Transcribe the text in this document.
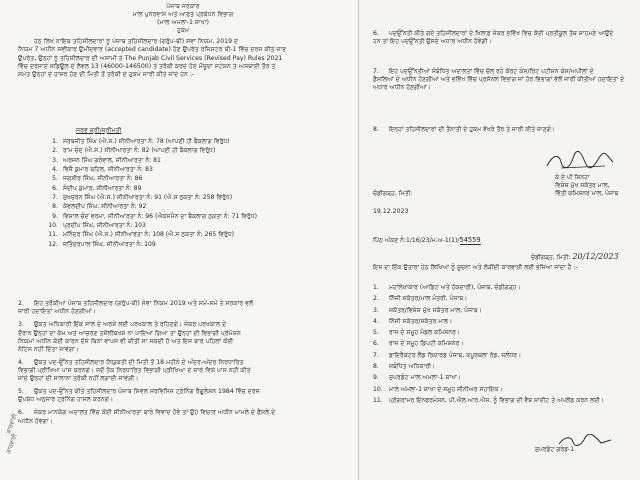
ਪੰਜਾਬ ਸਰਕਾਰ
ਮਾਲ ਪੁਨਰਵਾਸ ਅਤੇ ਆਫ਼ਤ ਪ੍ਰਬੰਧਨ ਵਿਭਾਗ
(ਮਾਲ ਅਮਲਾ-1 ਸ਼ਾਖਾ)
ਹੁਕਮ
ਹੇਠ ਲਿਖੇ ਨਾਇਬ ਤਹਿਸੀਲਦਾਰਾਂ ਨੂੰ ਪੰਜਾਬ ਤਹਿਸੀਲਦਾਰ (ਗਰੁੱਪ-ਬੀ) ਸੇਵਾ ਨਿਯਮ, 2019 ਦੇ
ਨਿਯਮ 7 ਅਧੀਨ ਸਵੀਕਾਰ ਉਮੀਦਵਾਰ (accepted candidate) ਹੋਣ ਉਪਰੰਤ ਰਜਿਸਟਰ ਬੀ-1 ਵਿੱਚ ਦਰਜ ਕੀਤੇ ਜਾਣ
ਉਪਰੰਤ, ਉਨ੍ਹਾਂ ਨੂੰ ਤਹਿਸੀਲਦਾਰ ਦੀ ਅਸਾਮੀ ਤੇ The Punjab Civil Services (Revised Pay) Rules 2021
ਵਿੱਚ ਦਰਸਾਏ ਸ਼ਡਿਊਲ ਦੇ ਲੈਵਲ 13 (46000-146500) ਤੇ ਤਰੱਕੀ ਕਰਦੇ ਹੋਏ ਮੌਜੂਦਾ ਸਟੇਸ਼ਨ ਤੇ ਅਸਥਾਈ ਤੌਰ ਤੇ
ਸਮੇਤ ਉਨ੍ਹਾਂ ਦੇ ਹਾਜ਼ਰ ਹੋਣ ਦੀ ਮਿਤੀ ਤੋਂ ਤਰੱਕੀ ਦੇ ਹੁਕਮ ਜਾਰੀ ਕੀਤੇ ਜਾਂਦੇ ਹਨ :-
ਸਰਵ ਸ਼੍ਰੀ/ਸ਼੍ਰੀਮਤੀ
1. ਸਰਬਜੀਤ ਸਿੰਘ (ਐ.ਸ.) ਸੀਨੀਆਰਤਾ ਨੰ: 78 (ਆਪਣੀ ਹੀ ਬੈਕਲਾਗ ਵਿਰੁੱਧ)
2. ਰਾਮ ਚੰਦ (ਐ.ਸ.) ਸੀਨੀਆਰਤਾ ਨੰ: 82 (ਆਪਣੀ ਹੀ ਬੈਕਲਾਗ ਵਿਰੁੱਧ)
3. ਅਰਜਨ ਸਿੰਘ ਗਰੇਵਾਲ, ਸੀਨੀਆਰਤਾ ਨੰ: 81
4. ਵਿਜੈ ਕੁਮਾਰ ਬਹਿਲ, ਸੀਨੀਆਰਤਾ ਨੰ: 83
5. ਜਗਸੀਰ ਸਿੰਘ, ਸੀਨੀਆਰਤਾ ਨੰ: 86
6. ਸੰਦੀਪ ਕੁਮਾਰ, ਸੀਨੀਆਰਤਾ ਨੰ: 89
7. ਸੁਖਚਰਨ ਸਿੰਘ (ਐ.ਸ.) ਸੀਨੀਆਰਤਾ ਨੰ: 91 (ਐ.ਸ ਨੁਕਤਾ ਨੰ: 258 ਵਿਰੁੱਧ)
8. ਕੰਵਲਦੀਪ ਸਿੰਘ, ਸੀਨੀਆਰਤਾ ਨੰ: 92
9. ਵਿਸ਼ਾਲ ਚੰਦ ਵਰਮਾ, ਸੀਨੀਆਰਤਾ ਨੰ: 96 (ਐਕਸਮੈਨ ਦਾ ਬੈਕਲਾਗ ਨੁਕਤਾ ਨੰ: 71 ਵਿਰੁੱਧ)
10. ਪ੍ਰਦੀਪ ਸਿੰਘ, ਸੀਨੀਆਰਤਾ ਨੰ: 103
11. ਮਨਿੰਦਰ ਸਿੰਘ (ਐ.ਸ.) ਸੀਨੀਆਰਤਾ ਨੰ: 108 (ਐ.ਸ ਨੁਕਤਾ ਨੰ: 265 ਵਿਰੁੱਧ)
12. ਜਤਿੰਦਰਪਾਲ ਸਿੰਘ, ਸੀਨੀਆਰਤਾ ਨੰ: 109
2. ਇਹ ਤਰੱਕੀਆਂ ਪੰਜਾਬ ਤਹਿਸੀਲਦਾਰ (ਗਰੁੱਪ-ਬੀ) ਸੇਵਾ ਨਿਯਮ 2019 ਅਤੇ ਸਮੇਂ-ਸਮੇਂ ਤੇ ਸਰਕਾਰ ਵਲੋਂ
ਜਾਰੀ ਹਦਾਇਤਾਂ ਅਧੀਨ ਹੋਣਗੀਆਂ।
3. ਉਕਤ ਅਧਿਕਾਰੀ ਇੱਕ ਸਾਲ ਦੇ ਅਰਸੇ ਲਈ ਪਰਖਕਾਲ ਤੇ ਰਹਿਣਗੇ। ਜੇਕਰ ਪਰਖਕਾਲ ਦੇ
ਦੌਰਾਨ ਉਨ੍ਹਾਂ ਦਾ ਕੰਮ ਅਤੇ ਆਚਰਣ ਤਸੱਲੀਬਖਸ਼ ਨਾ ਪਾਇਆ ਗਿਆ ਤਾਂ ਉਨ੍ਹਾਂ ਦੀ ਵਿਭਾਗੀ ਪ੍ਰੋਮੋਸ਼ਨ
ਨਿਯਮਾਂ ਅਧੀਨ ਕੋਈ ਕਾਰਨ ਦੱਸੇ ਬਿਨਾਂ ਵਾਪਸ ਵੀ ਕੀਤੀ ਜਾ ਸਕਦੀ ਹੈ ਅਤੇ ਇਸ ਬਾਰੇ ਪਹਿਲਾਂ ਕੋਈ
ਨੋਟਿਸ ਨਹੀਂ ਦਿੱਤਾ ਜਾਵੇਗਾ।
4. ਉਕਤ ਪਦ-ਉੱਨਤ ਤਹਿਸੀਲਦਾਰ ਨਿਯੁਕਤੀ ਦੀ ਮਿਤੀ ਤੋਂ 18 ਮਹੀਨੇ ਦੇ ਅੰਦਰ-ਅੰਦਰ ਨਿਰਧਾਰਿਤ
ਵਿਭਾਗੀ ਪ੍ਰੀਖਿਆ ਪਾਸ ਕਰਨਗੇ। ਜਦੋਂ ਤੱਕ ਨਿਰਧਾਰਿਤ ਵਿਭਾਗੀ ਪ੍ਰੀਖਿਆ ਦੇ ਸਾਰੇ ਵਿਸ਼ੇ ਪਾਸ ਨਹੀਂ ਕੀਤੇ
ਜਾਂਦੇ ਉਨ੍ਹਾਂ ਦੀ ਸਾਲਾਨਾ ਤਰੱਕੀ ਨਹੀਂ ਲਗਾਈ ਜਾਵੇਗੀ।
5. ਉਕਤ ਪਦ-ਉੱਨਤ ਕੀਤੇ ਤਹਿਸੀਲਦਾਰ ਪੰਜਾਬ ਸਿਵਲ ਸਰਵਿਸਿਜ਼ ਟ੍ਰੇਨਿੰਗ ਰੈਗੂਲੇਸ਼ਨ 1984 ਵਿੱਚ ਦਰਜ
ਉਪਬੰਧ ਅਨੁਸਾਰ ਟ੍ਰੇਨਿੰਗ ਹਾਸਲ ਕਰਨਗੇ।
6. ਜੇਕਰ ਮਾਨਯੋਗ ਅਦਾਲਤ ਵਿੱਚ ਕੋਈ ਸੀਨੀਆਰਤਾ ਬਾਰੇ ਵਿਵਾਦ ਹੋਵੇ ਤਾਂ ਉਹ ਵਿਚਾਰ ਅਧੀਨ ਮਾਮਲੇ ਦੇ ਫ਼ੈਸਲੇ ਦੇ
ਅਧੀਨ ਹੋਵੇਗਾ।
ਕਾਰਵਾਈ
ਕਾਰਵਾਈ
6. ਪਦਉੱਨਤੀ ਕੀਤੇ ਗਏ ਤਹਿਸੀਲਦਾਰਾਂ ਦੇ ਖਿਲਾਫ਼ ਜੇਕਰ ਭਵਿੱਖ ਵਿਚ ਕੋਈ ਪ੍ਰਤੀਕੂਲ ਤੱਥ ਸਾਹਮਣੇ ਆਉਂਦੇ
ਹਨ ਤਾਂ ਇਹ ਪਦਉੱਨਤੀ ਉਸਦੇ ਅਧਾਰ ਅਧੀਨ ਹੋਵੇਗੀ।
7. ਇਹ ਪਦਉੱਨਤੀਆਂ ਸੰਬੰਧਿਤ ਅਦਾਲਤਾਂ ਵਿੱਚ ਚੱਲ ਰਹੇ ਕੋਰਟ ਕੇਸ/ਰਿਟ ਪਟੀਸ਼ਨ ਕੇਸ/ਅਪੀਲਾਂ ਦੇ
ਫ਼ੈਸਲਿਆਂ ਦੇ ਅਧੀਨ ਹੋਣਗੀਆਂ ਅਤੇ ਭਵਿੱਖ ਵਿੱਚ ਪ੍ਰਸੋਨਲ ਵਿਭਾਗ ਜਾਂ ਹੋਰ ਵਿਭਾਗਾਂ ਵੱਲੋਂ ਜਾਰੀ ਕੀਤੀਆਂ ਹਦਾਇਤਾਂ ਦੇ
ਅਧਾਰ ਅਧੀਨ ਹੋਣਗੀਆਂ।
8. ਇਨ੍ਹਾਂ ਤਹਿਸੀਲਦਾਰਾਂ ਦੀ ਤੈਨਾਤੀ ਦੇ ਹੁਕਮ ਵੱਖਰੇ ਤੌਰ ਤੇ ਜਾਰੀ ਕੀਤੇ ਜਾਣਗੇ।
ਕੇ ਏ ਪੀ ਸਿਨਹਾ
ਵਿਸ਼ੇਸ਼ ਮੁੱਖ ਸਕੱਤਰ ਮਾਲ,
ਵਿੱਤੀ ਕਮਿਸ਼ਨਰ ਮਾਲ, ਪੰਜਾਬ
ਚੰਡੀਗੜ੍ਹ, ਮਿਤੀ:
19.12.2023
ਪਿੱਠ ਅੰਕਣ ਨੰ:1/16/23/ਮ.ਅ-1(1)/54559
ਚੰਡੀਗੜ੍ਹ, ਮਿਤੀ: 20/12/2023
ਇਸ ਦਾ ਇੱਕ ਉਤਾਰਾ ਹੇਠ ਲਿਖਿਆਂ ਨੂੰ ਸੂਚਨਾ ਅਤੇ ਲੋੜੀਂਦੀ ਕਾਰਵਾਈ ਲਈ ਭੇਜਿਆ ਜਾਂਦਾ ਹੈ :-
1. ਮਹਾਂਲੇਖਾਕਾਰ (ਆਡਿਟ ਅਤੇ ਹੱਕਦਾਰੀ), ਪੰਜਾਬ, ਚੰਡੀਗੜ੍ਹ।
2. ਨਿੱਜੀ ਸਕੱਤਰ/ਮਾਲ ਮੰਤਰੀ, ਪੰਜਾਬ।
3. ਸਕੱਤਰ/ਵਿਸ਼ੇਸ਼ ਮੁੱਖ ਸਕੱਤਰ ਮਾਲ, ਪੰਜਾਬ।
4. ਨਿੱਜੀ ਸਕੱਤਰ/ਸਕੱਤਰ ਮਾਲ।
5. ਰਾਜ ਦੇ ਸਮੂਹ ਮੰਡਲ ਕਮਿਸ਼ਨਰ।
6. ਰਾਜ ਦੇ ਸਮੂਹ ਡਿਪਟੀ ਕਮਿਸ਼ਨਰ।
7. ਡਾਇਰੈਕਟਰ ਲੈਂਡ ਰਿਕਾਰਡ ਪੰਜਾਬ, ਕਪੂਰਥਲਾ ਰੋਡ, ਜਲੰਧਰ।
8. ਸਬੰਧਿਤ ਅਧਿਕਾਰੀ।
9. ਸੁਪਰਡੰਟ ਮਾਲ ਅਮਲਾ-1 ਸ਼ਾਖਾ।
10. ਮਾਲ ਅਮਲਾ-1 ਸ਼ਾਖਾ ਦੇ ਸਮੂਹ ਸੀਨੀਅਰ ਸਹਾਇਕ।
11. ਪ੍ਰੋਗਰਾਮਰ ਇਨਫਰਮੇਸ਼ਨ, ਪੀ.ਐਲ.ਆਰ.ਐਸ. ਨੂੰ ਵਿਭਾਗ ਦੀ ਵੈਬ ਸਾਈਟ ਤੇ ਅਪਲੋਡ ਕਰਨ ਲਈ।
ਸੁਪਰਡੰਟ ਗਰੇਡ-1
